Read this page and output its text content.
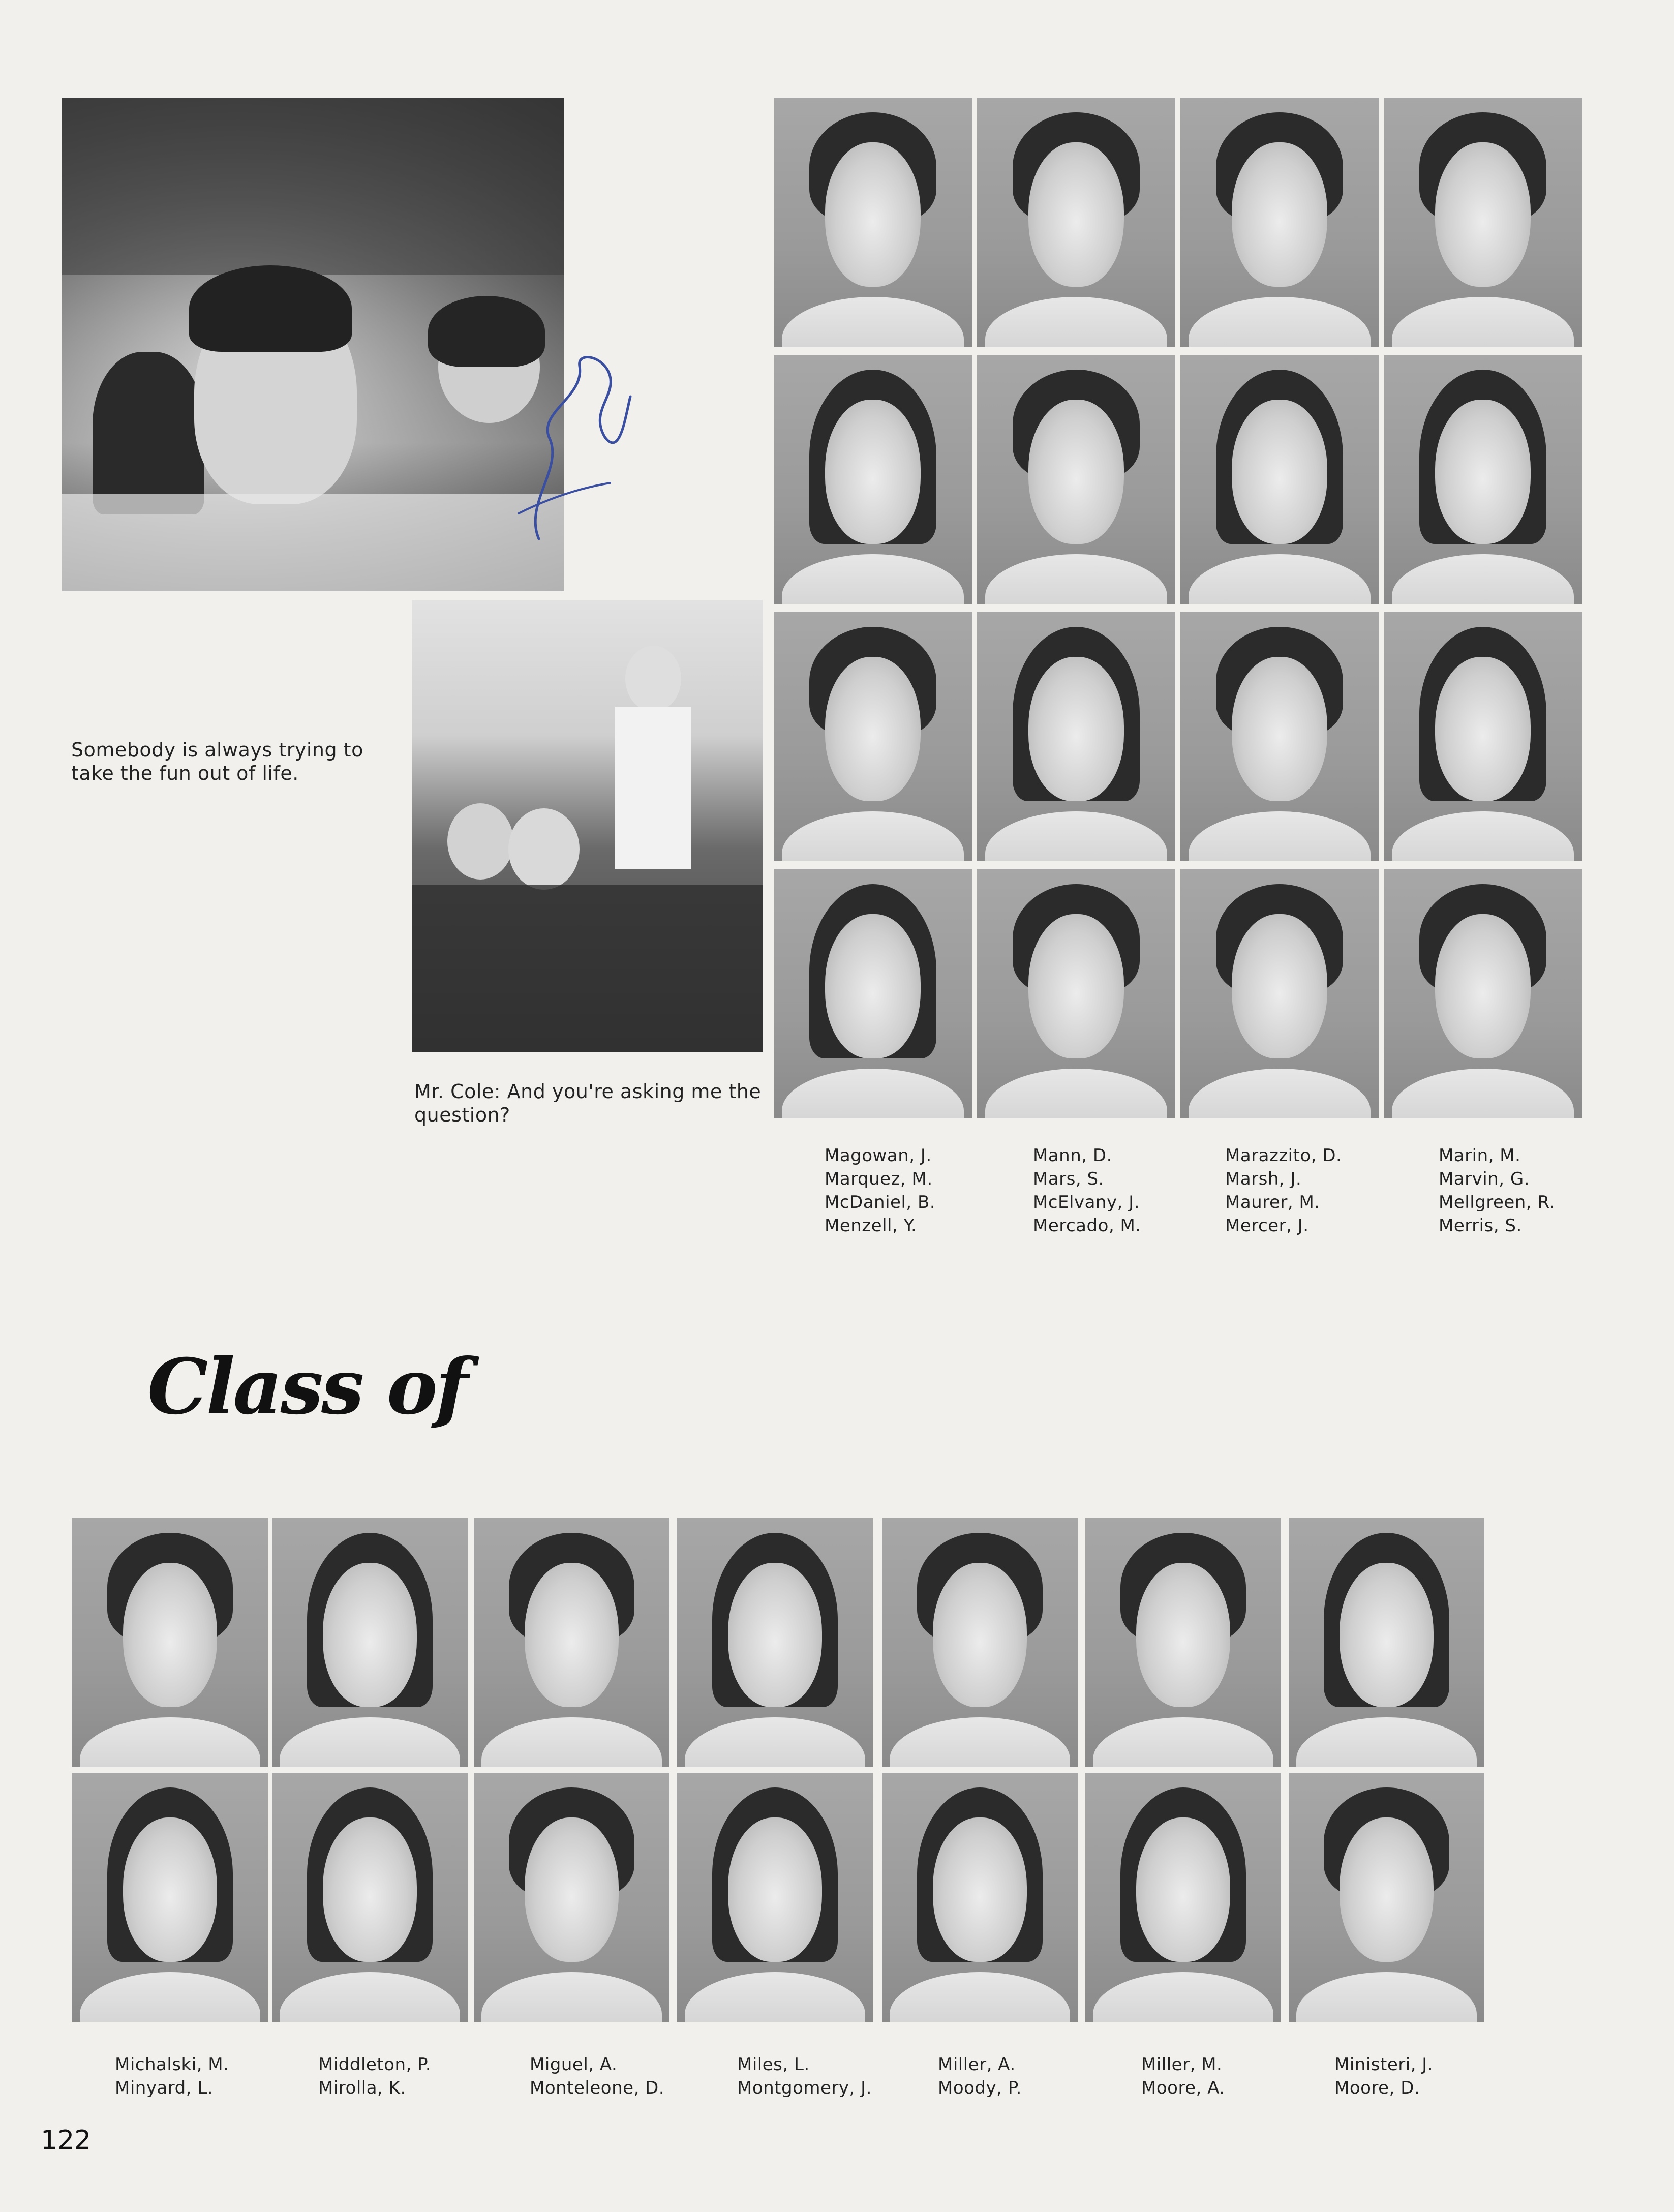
Somebody is always trying to take the fun out of life.
Mr. Cole: And you're asking me the question?
Magowan, J.
Marquez, M.
McDaniel, B.
Menzell, Y.
Mann, D.
Mars, S.
McElvany, J.
Mercado, M.
Marazzito, D.
Marsh, J.
Maurer, M.
Mercer, J.
Marin, M.
Marvin, G.
Mellgreen, R.
Merris, S.
Class of
Michalski, M.
Minyard, L.
Middleton, P.
Mirolla, K.
Miguel, A.
Monteleone, D.
Miles, L.
Montgomery, J.
Miller, A.
Moody, P.
Miller, M.
Moore, A.
Ministeri, J.
Moore, D.
122
